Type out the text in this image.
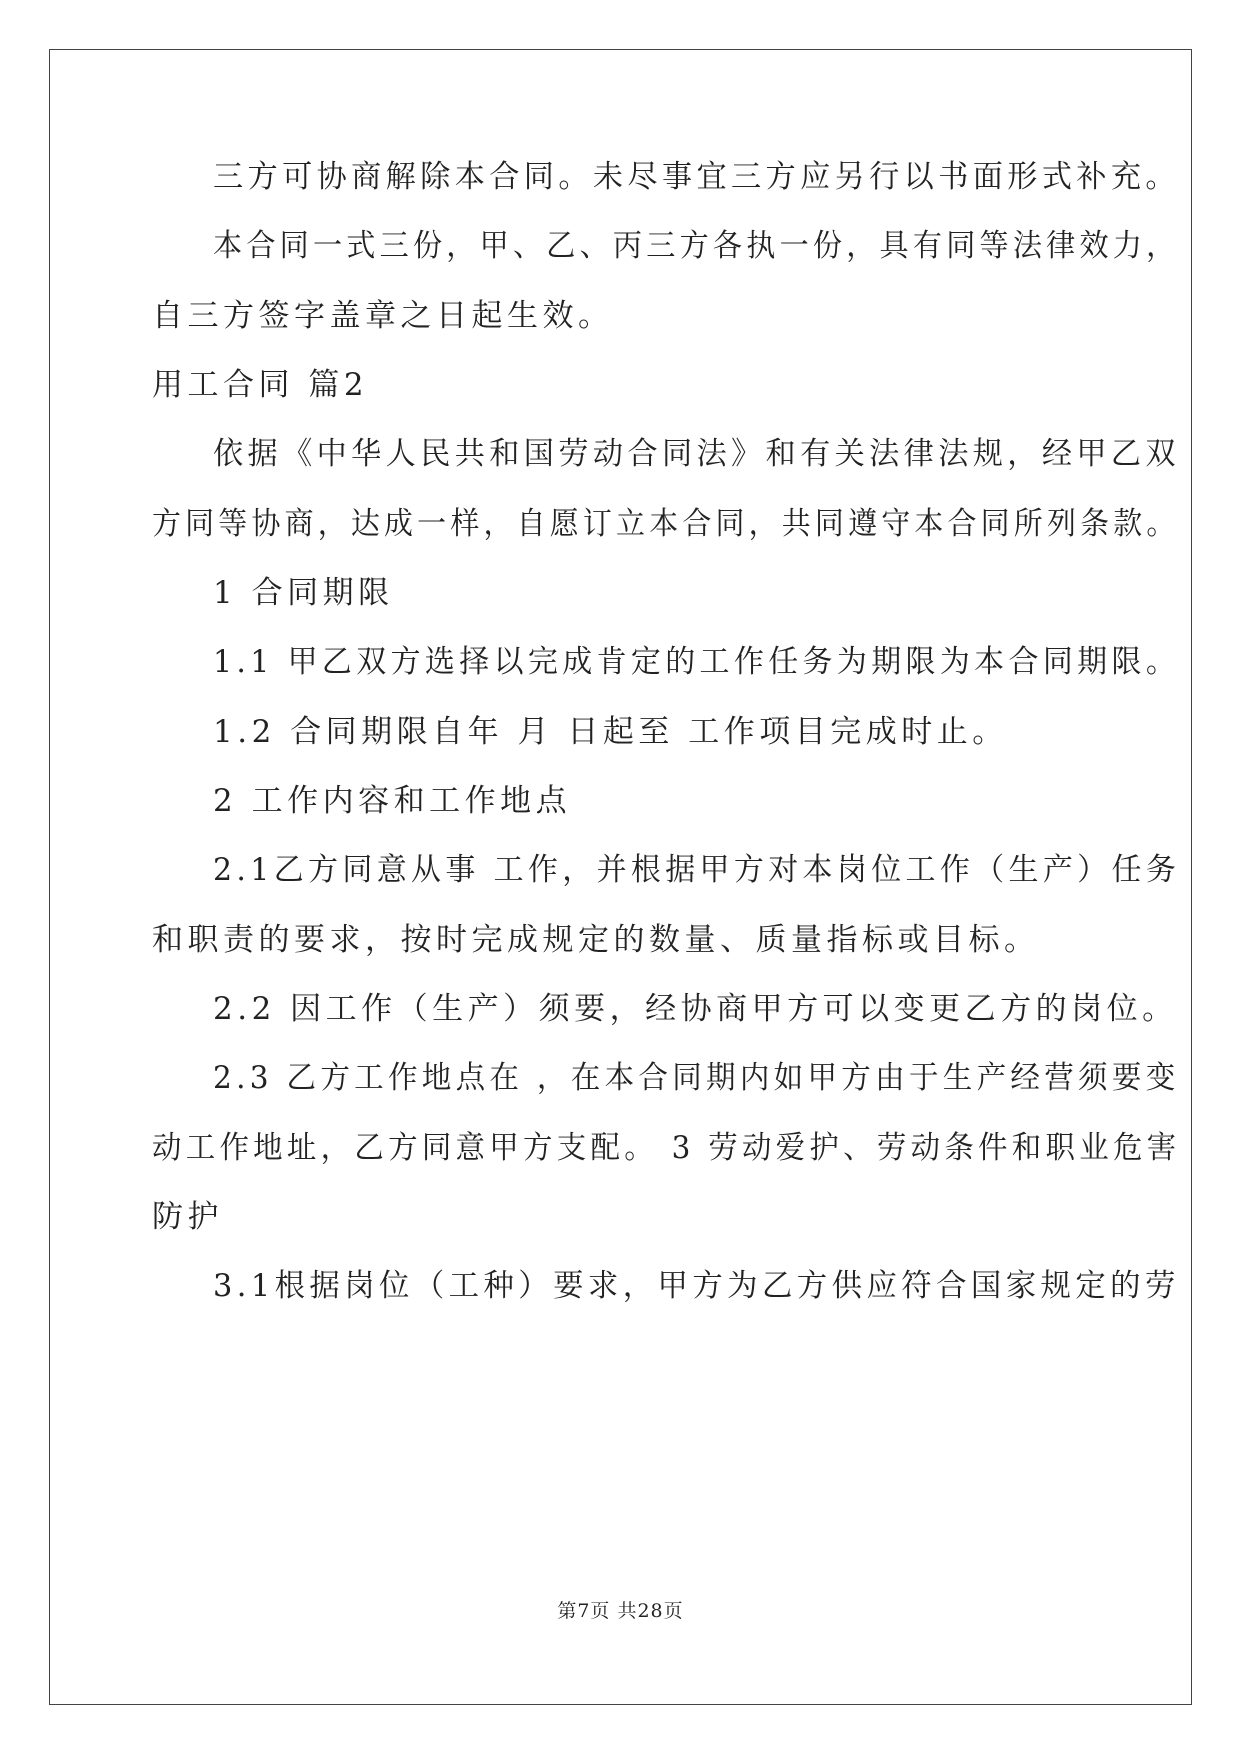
三方可协商解除本合同。未尽事宜三方应另行以书面形式补充。
本合同一式三份，甲、乙、丙三方各执一份，具有同等法律效力，
自三方签字盖章之日起生效。
用工合同 篇2
依据《中华人民共和国劳动合同法》和有关法律法规，经甲乙双
方同等协商，达成一样，自愿订立本合同，共同遵守本合同所列条款。
1 合同期限
1.1 甲乙双方选择以完成肯定的工作任务为期限为本合同期限。
1.2 合同期限自年 月 日起至 工作项目完成时止。
2 工作内容和工作地点
2.1乙方同意从事 工作，并根据甲方对本岗位工作（生产）任务
和职责的要求，按时完成规定的数量、质量指标或目标。
2.2 因工作（生产）须要，经协商甲方可以变更乙方的岗位。
2.3 乙方工作地点在 ，在本合同期内如甲方由于生产经营须要变
动工作地址，乙方同意甲方支配。 3 劳动爱护、劳动条件和职业危害
防护
3.1根据岗位（工种）要求，甲方为乙方供应符合国家规定的劳
第7页 共28页
